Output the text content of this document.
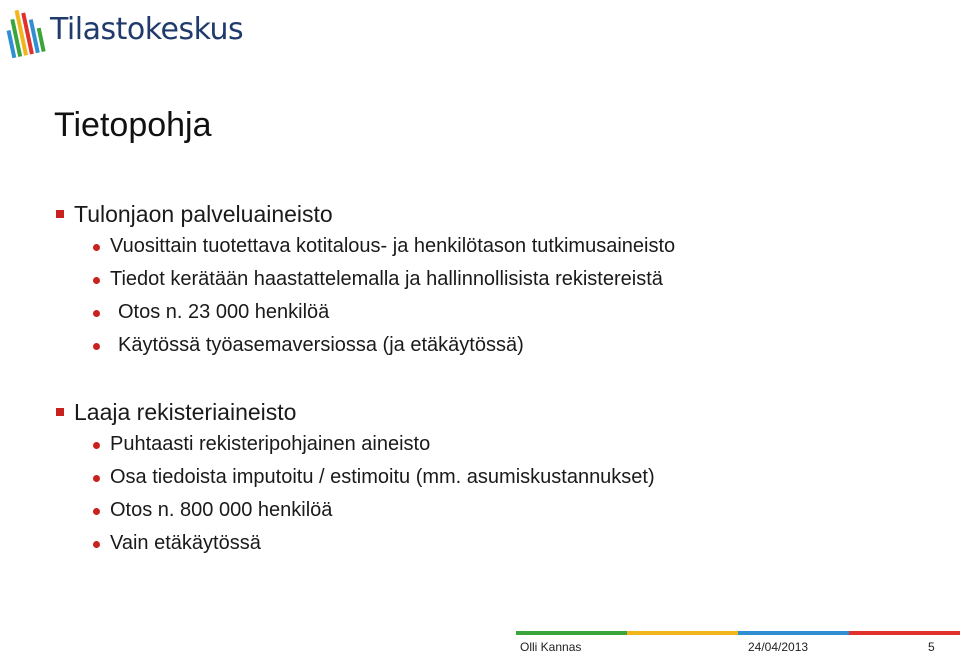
Tilastokeskus
Tietopohja
Tulonjaon palveluaineisto
Vuosittain tuotettava kotitalous- ja henkilötason tutkimusaineisto
Tiedot kerätään haastattelemalla ja hallinnollisista rekistereistä
Otos n. 23 000 henkilöä
Käytössä työasemaversiossa (ja etäkäytössä)
Laaja rekisteriaineisto
Puhtaasti rekisteripohjainen aineisto
Osa tiedoista imputoitu / estimoitu (mm. asumiskustannukset)
Otos n. 800 000 henkilöä
Vain etäkäytössä
Olli Kannas	24/04/2013	5
